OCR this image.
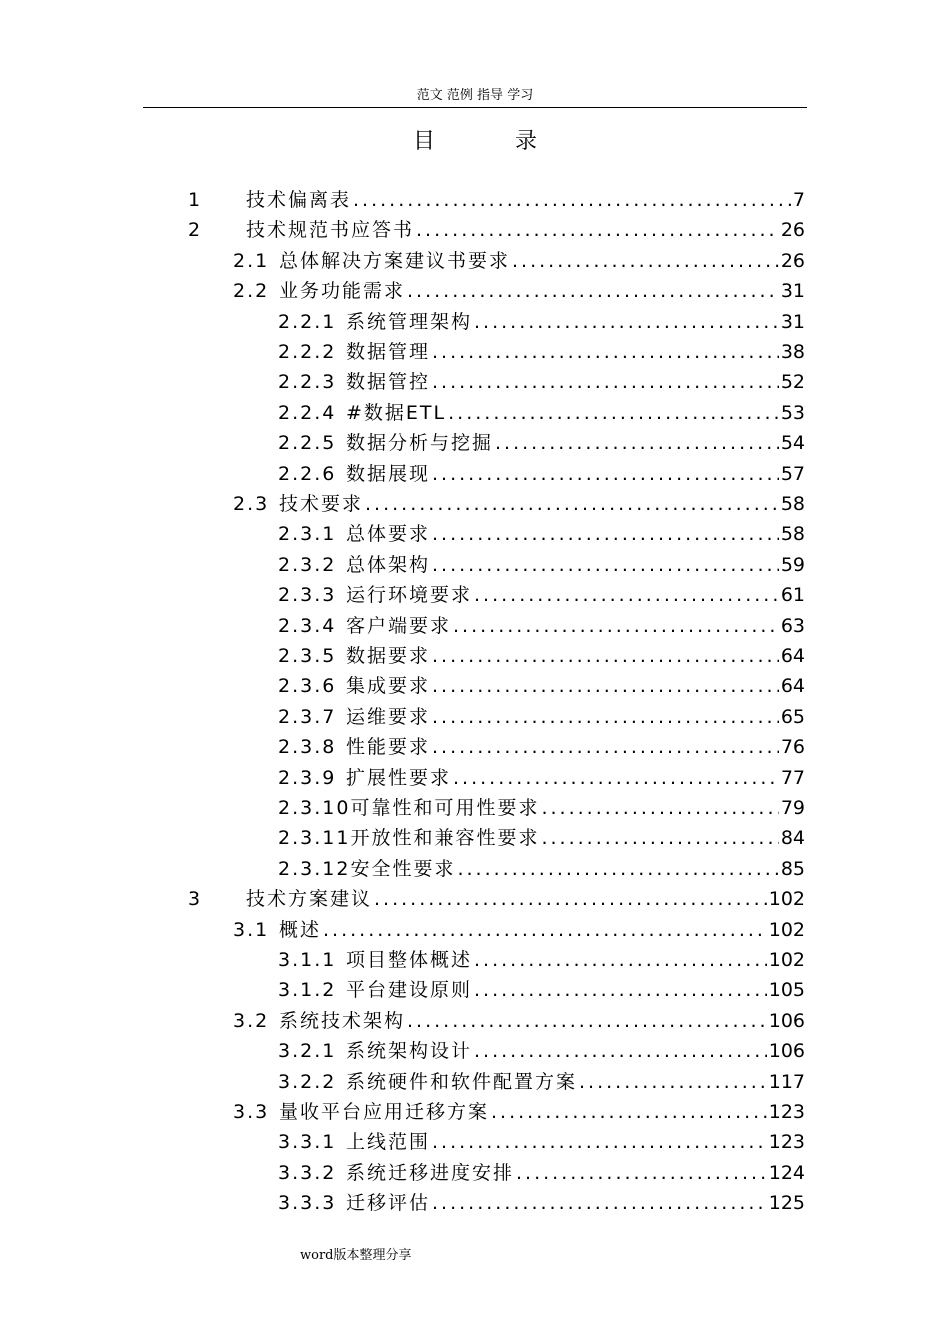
范文 范例 指导 学习
目	录
1	技术偏离表 .....	7
2	技术规范书应答书 .....	26
2.1 总体解决方案建议书要求 .....	26
2.2 业务功能需求 .....	31
2.2.1 系统管理架构 .....	31
2.2.2 数据管理 .....	38
2.2.3 数据管控 .....	52
2.2.4 #数据ETL .....	53
2.2.5 数据分析与挖掘 .....	54
2.2.6 数据展现 .....	57
2.3 技术要求 .....	58
2.3.1 总体要求 .....	58
2.3.2 总体架构 .....	59
2.3.3 运行环境要求 .....	61
2.3.4 客户端要求 .....	63
2.3.5 数据要求 .....	64
2.3.6 集成要求 .....	64
2.3.7 运维要求 .....	65
2.3.8 性能要求 .....	76
2.3.9 扩展性要求 .....	77
2.3.10 可靠性和可用性要求 .....	79
2.3.11 开放性和兼容性要求 .....	84
2.3.12 安全性要求 .....	85
3	技术方案建议 .....	102
3.1 概述 .....	102
3.1.1 项目整体概述 .....	102
3.1.2 平台建设原则 .....	105
3.2 系统技术架构 .....	106
3.2.1 系统架构设计 .....	106
3.2.2 系统硬件和软件配置方案 .....	117
3.3 量收平台应用迁移方案 .....	123
3.3.1 上线范围 .....	123
3.3.2 系统迁移进度安排 .....	124
3.3.3 迁移评估 .....	125
word版本整理分享
